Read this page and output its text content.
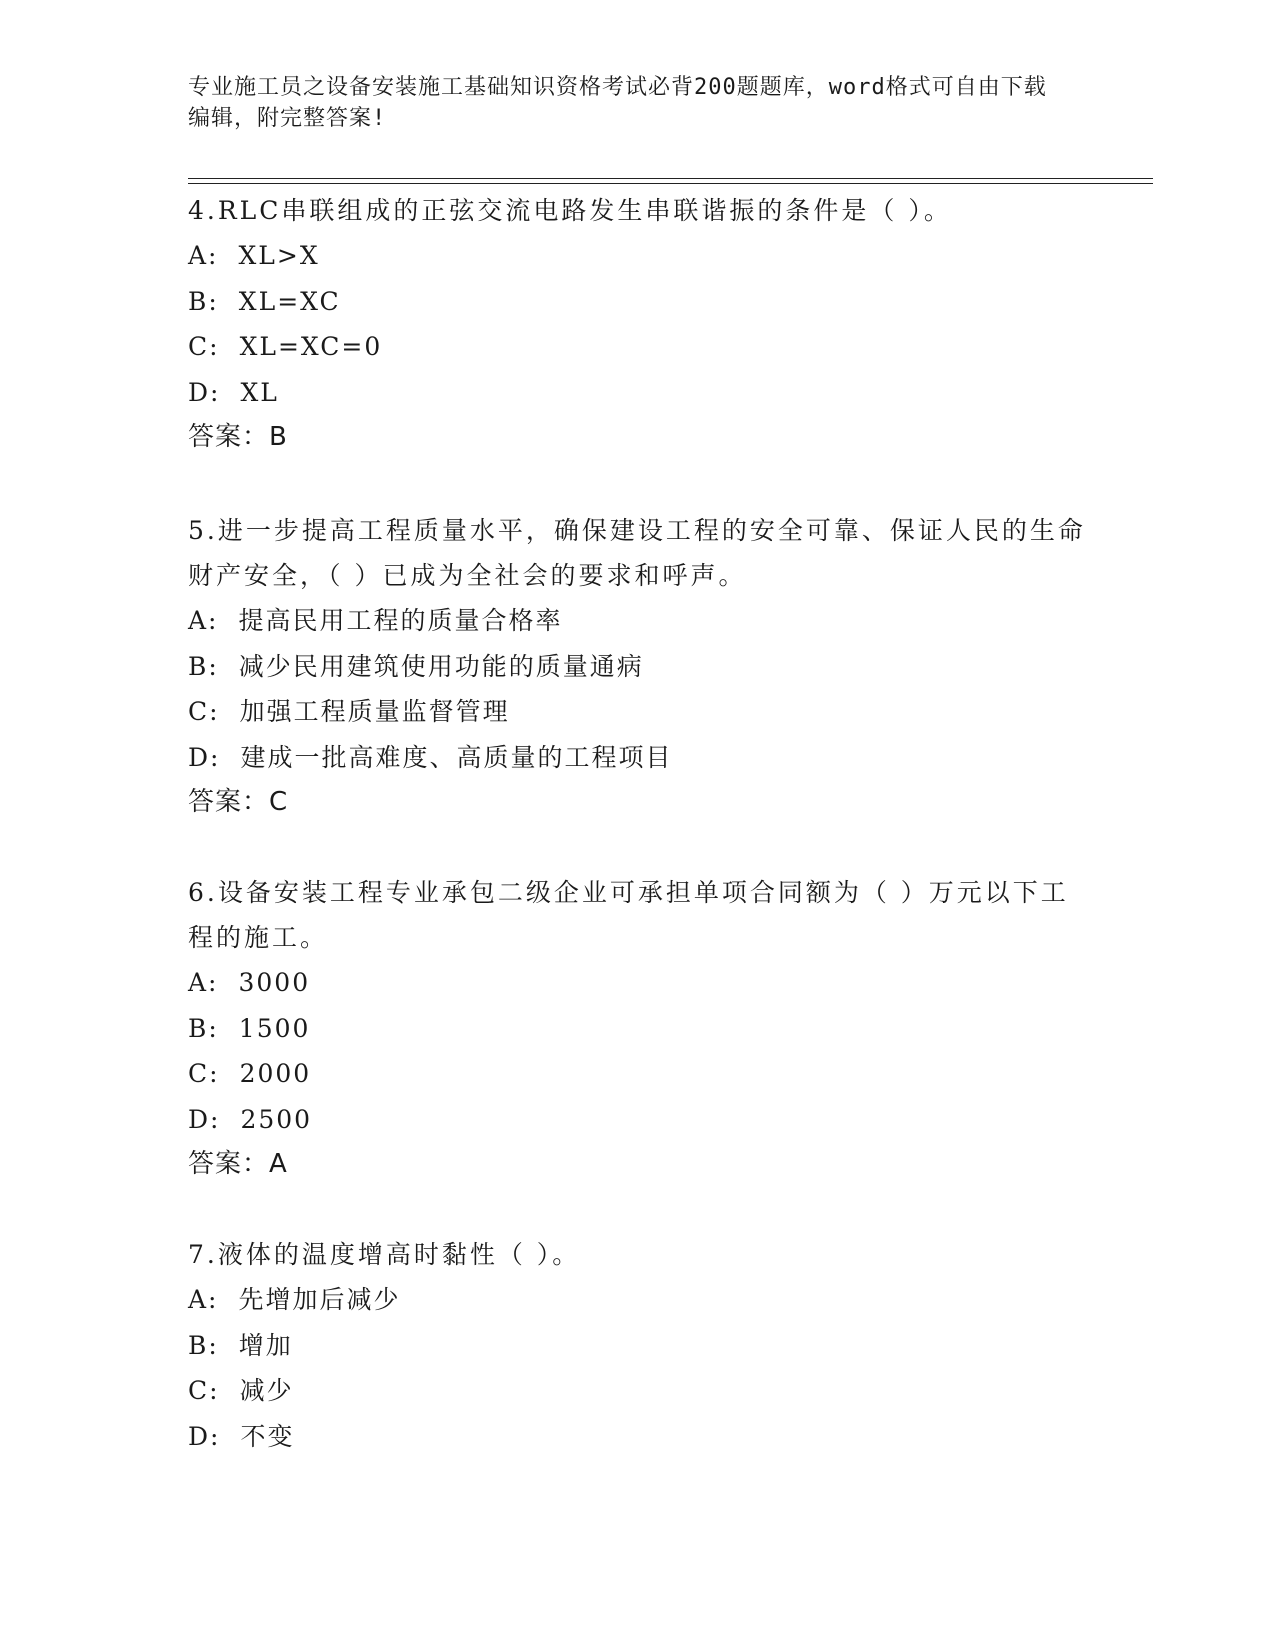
专业施工员之设备安装施工基础知识资格考试必背200题题库，word格式可自由下载编辑，附完整答案!
4.RLC串联组成的正弦交流电路发生串联谐振的条件是（ ）。
A: XL>X
B: XL=XC
C: XL=XC=0
D: XL
答案：B
5.进一步提高工程质量水平，确保建设工程的安全可靠、保证人民的生命财产安全，（ ）已成为全社会的要求和呼声。
A: 提高民用工程的质量合格率
B: 减少民用建筑使用功能的质量通病
C: 加强工程质量监督管理
D: 建成一批高难度、高质量的工程项目
答案：C
6.设备安装工程专业承包二级企业可承担单项合同额为（ ）万元以下工程的施工。
A: 3000
B: 1500
C: 2000
D: 2500
答案：A
7.液体的温度增高时黏性（ ）。
A: 先增加后减少
B: 增加
C: 减少
D: 不变
